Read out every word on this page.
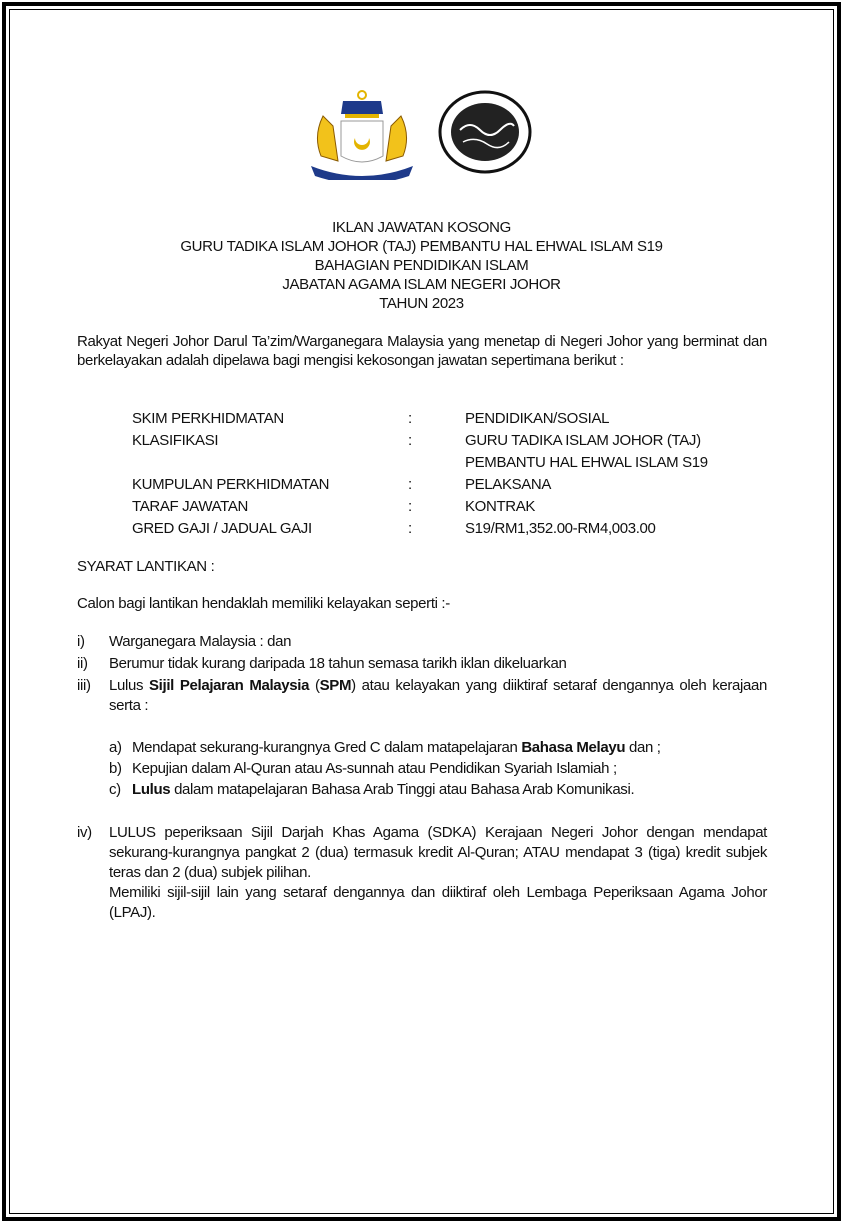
IKLAN JAWATAN KOSONG
GURU TADIKA ISLAM JOHOR (TAJ) PEMBANTU HAL EHWAL ISLAM S19
BAHAGIAN PENDIDIKAN ISLAM
JABATAN AGAMA ISLAM NEGERI JOHOR
TAHUN 2023
Rakyat Negeri Johor Darul Ta’zim/Warganegara Malaysia yang menetap di Negeri Johor yang berminat dan berkelayakan adalah dipelawa bagi mengisi kekosongan jawatan sepertimana berikut :
SKIM PERKHIDMATAN	:	PENDIDIKAN/SOSIAL
KLASIFIKASI	:	GURU TADIKA ISLAM JOHOR (TAJ)
PEMBANTU HAL EHWAL ISLAM S19
KUMPULAN PERKHIDMATAN	:	PELAKSANA
TARAF JAWATAN	:	KONTRAK
GRED GAJI / JADUAL GAJI	:	S19/RM1,352.00-RM4,003.00
SYARAT LANTIKAN :
Calon bagi lantikan hendaklah memiliki kelayakan seperti :-
i) Warganegara Malaysia : dan
ii) Berumur tidak kurang daripada 18 tahun semasa tarikh iklan dikeluarkan
iii) Lulus Sijil Pelajaran Malaysia (SPM) atau kelayakan yang diiktiraf setaraf dengannya oleh kerajaan serta :
a) Mendapat sekurang-kurangnya Gred C dalam matapelajaran Bahasa Melayu dan ;
b) Kepujian dalam Al-Quran atau As-sunnah atau Pendidikan Syariah Islamiah ;
c) Lulus dalam matapelajaran Bahasa Arab Tinggi atau Bahasa Arab Komunikasi.
iv) LULUS peperiksaan Sijil Darjah Khas Agama (SDKA) Kerajaan Negeri Johor dengan mendapat sekurang-kurangnya pangkat 2 (dua) termasuk kredit Al-Quran; ATAU mendapat 3 (tiga) kredit subjek teras dan 2 (dua) subjek pilihan.
Memiliki sijil-sijil lain yang setaraf dengannya dan diiktiraf oleh Lembaga Peperiksaan Agama Johor (LPAJ).
